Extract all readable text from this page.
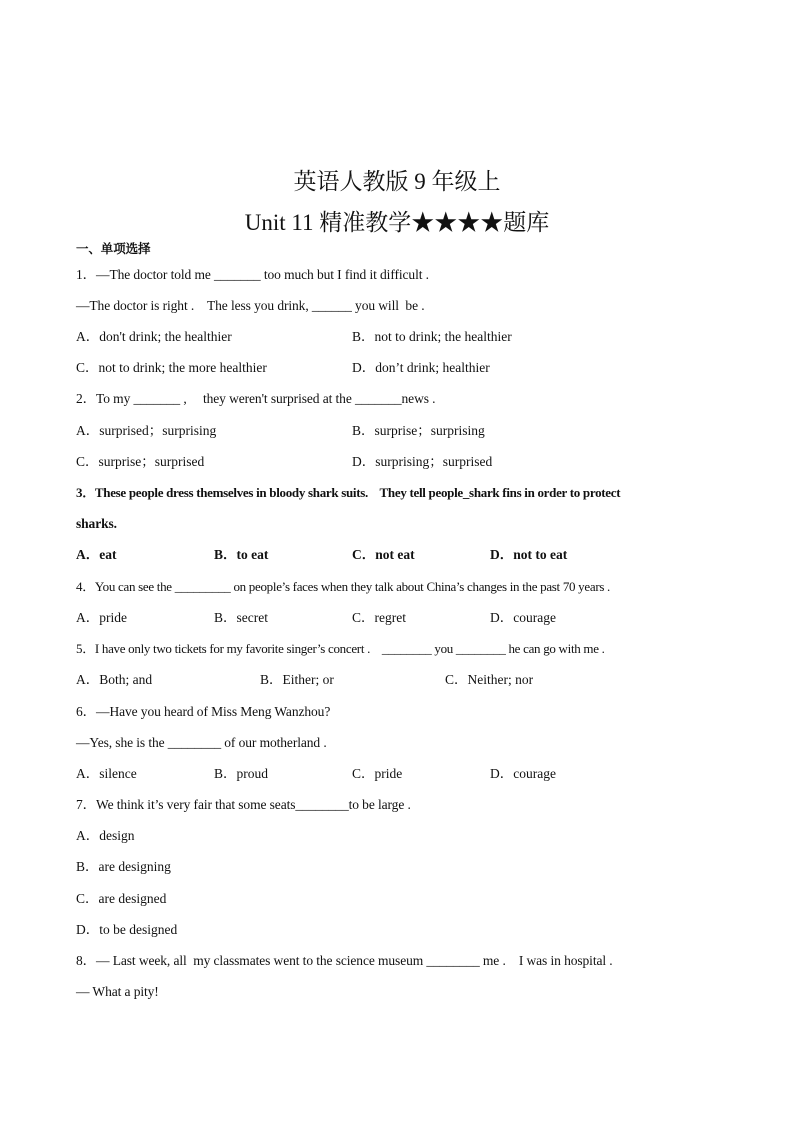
英语人教版 9 年级上
Unit 11 精准教学★★★★题库
一、单项选择
1．—The doctor told me _______ too much but I find it difficult .
—The doctor is right .    The less you drink, ______ you will  be .
A．don't drink; the healthier	B．not to drink; the healthier
C．not to drink; the more healthier	D．don’t drink; healthier
2．To my _______ ,     they weren't surprised at the _______news .
A．surprised；surprising	B．surprise；surprising
C．surprise；surprised	D．surprising；surprised
3．These people dress themselves in bloody shark suits.    They tell people_shark fins in order to protect
sharks.
A．eat	B．to eat	C．not eat	D．not to eat
4．You can see the _________ on people’s faces when they talk about China’s changes in the past 70 years .
A．pride	B．secret	C．regret	D．courage
5．I have only two tickets for my favorite singer’s concert .    ________ you ________ he can go with me .
A．Both; and	B．Either; or	C．Neither; nor
6．—Have you heard of Miss Meng Wanzhou?
—Yes, she is the ________ of our motherland .
A．silence	B．proud	C．pride	D．courage
7．We think it’s very fair that some seats________to be large .
A．design
B．are designing
C．are designed
D．to be designed
8．— Last week, all  my classmates went to the science museum ________ me .    I was in hospital .
— What a pity!
